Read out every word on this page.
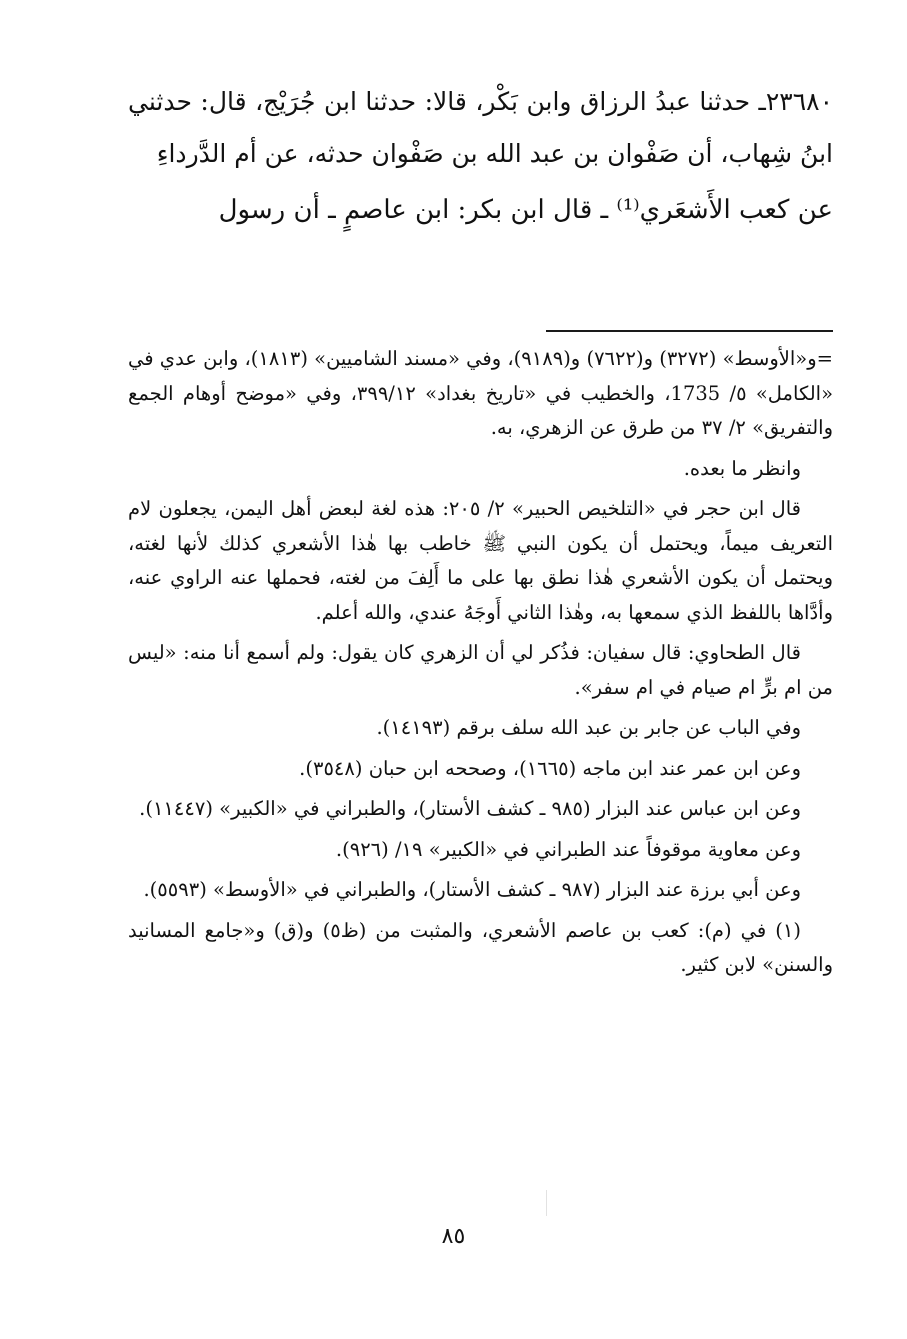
٢٣٦٨٠ـ حدثنا عبدُ الرزاق وابن بَكْر، قالا: حدثنا ابن جُرَيْج، قال: حدثني ابنُ شِهاب، أن صَفْوان بن عبد الله بن صَفْوان حدثه، عن أم الدَّرداءِ

عن كعب الأَشعَري⁽¹⁾ ـ قال ابن بكر: ابن عاصمٍ ـ أن رسول

=و«الأوسط» (٣٢٧٢) و(٧٦٢٢) و(٩١٨٩)، وفي «مسند الشاميين» (١٨١٣)، وابن عدي في «الكامل» ٥/ 1735، والخطيب في «تاريخ بغداد» ٣٩٩/١٢، وفي «موضح أوهام الجمع والتفريق» ٢/ ٣٧ من طرق عن الزهري، به.

وانظر ما بعده.

قال ابن حجر في «التلخيص الحبير» ٢/ ٢٠٥: هذه لغة لبعض أهل اليمن، يجعلون لام التعريف ميماً، ويحتمل أن يكون النبي ﷺ خاطب بها هٰذا الأشعري كذلك لأنها لغته، ويحتمل أن يكون الأشعري هٰذا نطق بها على ما أَلِفَ من لغته، فحملها عنه الراوي عنه، وأدَّاها باللفظ الذي سمعها به، وهٰذا الثاني أَوجَهُ عندي، والله أعلم.

قال الطحاوي: قال سفيان: فذُكر لي أن الزهري كان يقول: ولم أسمع أنا منه: «ليس من ام برٍّ ام صيام في ام سفر».

وفي الباب عن جابر بن عبد الله سلف برقم (١٤١٩٣).

وعن ابن عمر عند ابن ماجه (١٦٦٥)، وصححه ابن حبان (٣٥٤٨).

وعن ابن عباس عند البزار (٩٨٥ ـ كشف الأستار)، والطبراني في «الكبير» (١١٤٤٧).

وعن معاوية موقوفاً عند الطبراني في «الكبير» ١٩/ (٩٢٦).

وعن أبي برزة عند البزار (٩٨٧ ـ كشف الأستار)، والطبراني في «الأوسط» (٥٥٩٣).

(١) في (م): كعب بن عاصم الأشعري، والمثبت من (ظ٥) و(ق) و«جامع المسانيد والسنن» لابن كثير.

٨٥
